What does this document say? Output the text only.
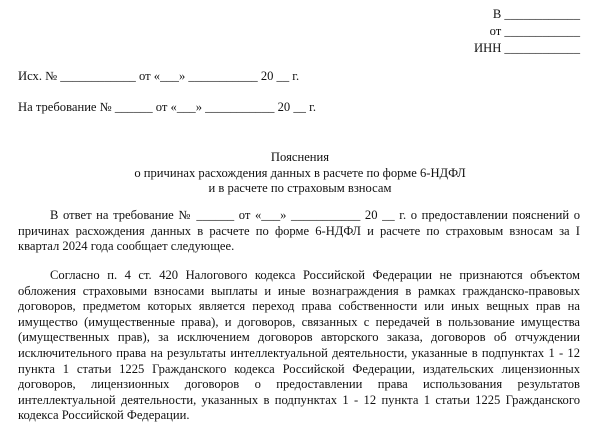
В ____________
от ____________
ИНН ____________
Исх. № ____________ от «___» ___________ 20 __ г.
На требование № ______ от «___» ___________ 20 __ г.
Пояснения
о причинах расхождения данных в расчете по форме 6-НДФЛ
и в расчете по страховым взносам
В ответ на требование № ______ от «___» ___________ 20 __ г. о предоставлении пояснений о причинах расхождения данных в расчете по форме 6-НДФЛ и расчете по страховым взносам за I квартал 2024 года сообщает следующее.
Согласно п. 4 ст. 420 Налогового кодекса Российской Федерации не признаются объектом обложения страховыми взносами выплаты и иные вознаграждения в рамках гражданско-правовых договоров, предметом которых является переход права собственности или иных вещных прав на имущество (имущественные права), и договоров, связанных с передачей в пользование имущества (имущественных прав), за исключением договоров авторского заказа, договоров об отчуждении исключительного права на результаты интеллектуальной деятельности, указанные в подпунктах 1 - 12 пункта 1 статьи 1225 Гражданского кодекса Российской Федерации, издательских лицензионных договоров, лицензионных договоров о предоставлении права использования результатов интеллектуальной деятельности, указанных в подпунктах 1 - 12 пункта 1 статьи 1225 Гражданского кодекса Российской Федерации.
